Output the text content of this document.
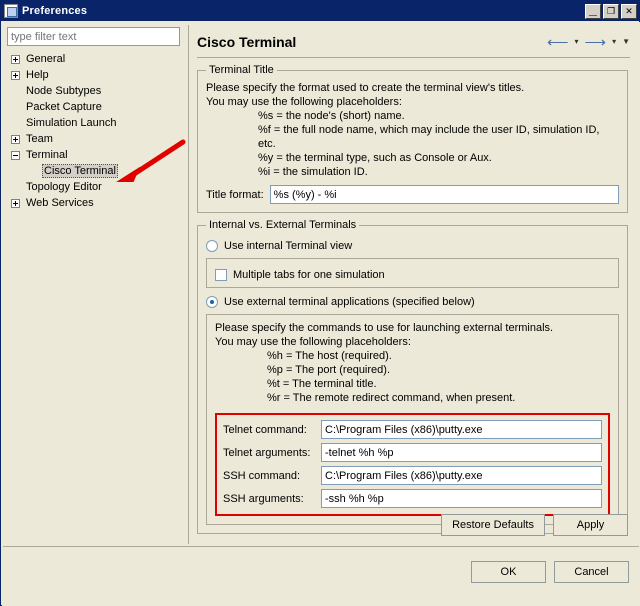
Preferences	_	❐	✕
type filter text
General
Help
Node Subtypes
Packet Capture
Simulation Launch
Team
Terminal
Cisco Terminal
Topology Editor
Web Services
Cisco Terminal	⟵ ▾ ⟶ ▾ ▼
Terminal Title
Please specify the format used to create the terminal view's titles.
You may use the following placeholders:
%s = the node's (short) name.
%f = the full node name, which may include the user ID, simulation ID, etc.
%y = the terminal type, such as Console or Aux.
%i = the simulation ID.
Title format:
%s (%y) - %i
Internal vs. External Terminals
Use internal Terminal view
Multiple tabs for one simulation
Use external terminal applications (specified below)
Please specify the commands to use for launching external terminals.
You may use the following placeholders:
%h = The host (required).
%p = The port (required).
%t = The terminal title.
%r = The remote redirect command, when present.
Telnet command:
C:\Program Files (x86)\putty.exe
Telnet arguments:
-telnet %h %p
SSH command:
C:\Program Files (x86)\putty.exe
SSH arguments:
-ssh %h %p
Restore Defaults	Apply
OK	Cancel
